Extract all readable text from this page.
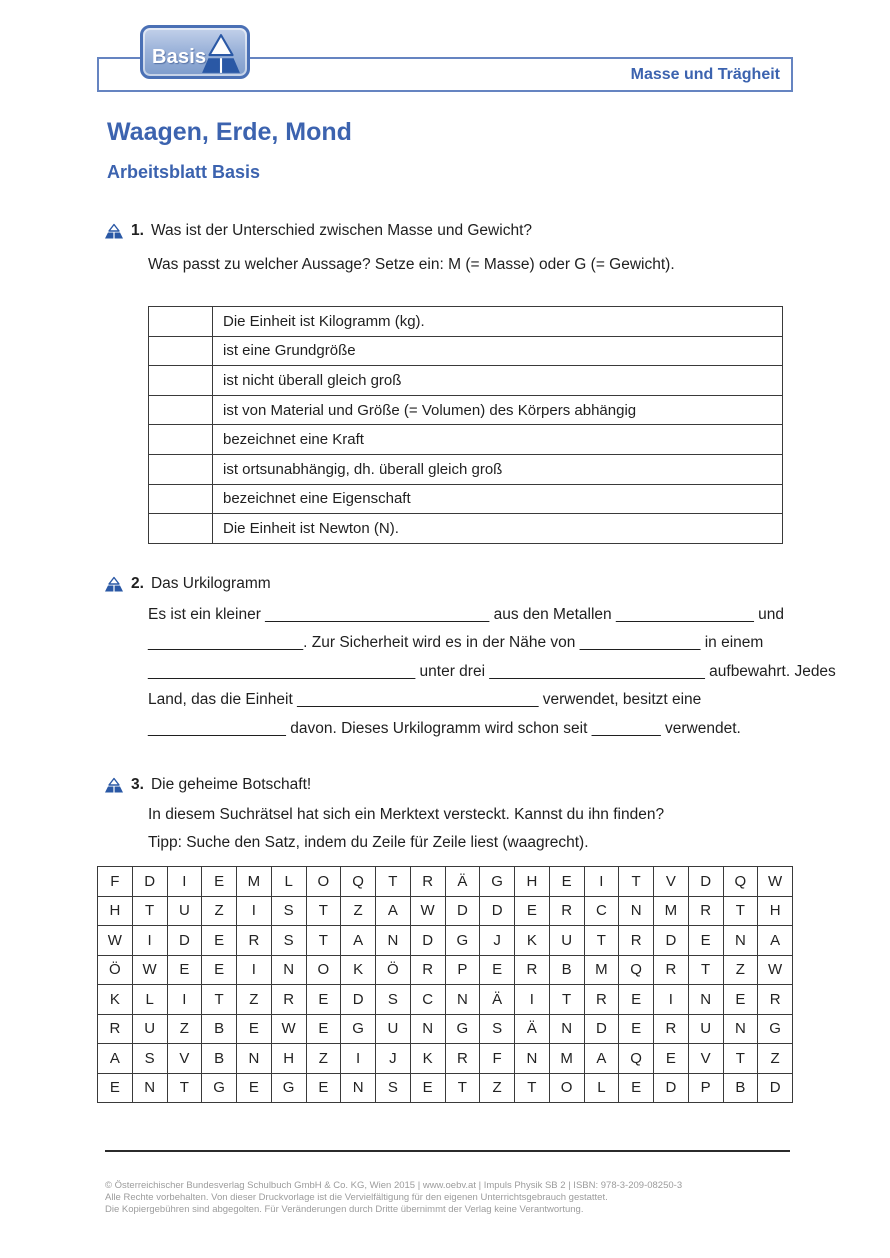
Masse und Trägheit
Basis
Waagen, Erde, Mond
Arbeitsblatt Basis
1. Was ist der Unterschied zwischen Masse und Gewicht?
Was passt zu welcher Aussage? Setze ein: M (= Masse) oder G (= Gewicht).
	Die Einheit ist Kilogramm (kg).
	ist eine Grundgröße
	ist nicht überall gleich groß
	ist von Material und Größe (= Volumen) des Körpers abhängig
	bezeichnet eine Kraft
	ist ortsunabhängig, dh. überall gleich groß
	bezeichnet eine Eigenschaft
	Die Einheit ist Newton (N).
2. Das Urkilogramm
Es ist ein kleiner __________________________ aus den Metallen ________________ und
__________________. Zur Sicherheit wird es in der Nähe von ______________ in einem
_______________________________ unter drei _________________________ aufbewahrt. Jedes
Land, das die Einheit ____________________________ verwendet, besitzt eine
________________ davon. Dieses Urkilogramm wird schon seit ________ verwendet.
3. Die geheime Botschaft!
In diesem Suchrätsel hat sich ein Merktext versteckt. Kannst du ihn finden?
Tipp: Suche den Satz, indem du Zeile für Zeile liest (waagrecht).
F	D	I	E	M	L	O	Q	T	R	Ä	G	H	E	I	T	V	D	Q	W
H	T	U	Z	I	S	T	Z	A	W	D	D	E	R	C	N	M	R	T	H
W	I	D	E	R	S	T	A	N	D	G	J	K	U	T	R	D	E	N	A
Ö	W	E	E	I	N	O	K	Ö	R	P	E	R	B	M	Q	R	T	Z	W
K	L	I	T	Z	R	E	D	S	C	N	Ä	I	T	R	E	I	N	E	R
R	U	Z	B	E	W	E	G	U	N	G	S	Ä	N	D	E	R	U	N	G
A	S	V	B	N	H	Z	I	J	K	R	F	N	M	A	Q	E	V	T	Z
E	N	T	G	E	G	E	N	S	E	T	Z	T	O	L	E	D	P	B	D
© Österreichischer Bundesverlag Schulbuch GmbH & Co. KG, Wien 2015 | www.oebv.at | Impuls Physik SB 2 | ISBN: 978-3-209-08250-3
Alle Rechte vorbehalten. Von dieser Druckvorlage ist die Vervielfältigung für den eigenen Unterrichtsgebrauch gestattet.
Die Kopiergebühren sind abgegolten. Für Veränderungen durch Dritte übernimmt der Verlag keine Verantwortung.
